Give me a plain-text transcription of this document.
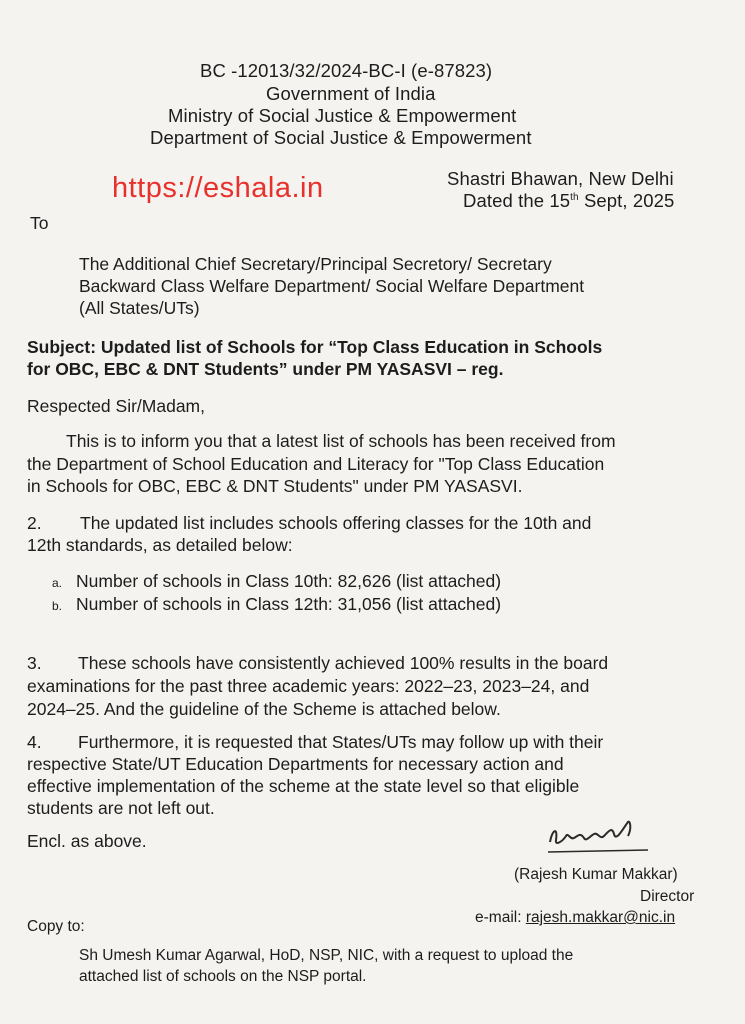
BC -12013/32/2024-BC-I (e-87823)
Government of India
Ministry of Social Justice & Empowerment
Department of Social Justice & Empowerment
https://eshala.in	Shastri Bhawan, New Delhi
Dated the 15th Sept, 2025
To
The Additional Chief Secretary/Principal Secretory/ Secretary
Backward Class Welfare Department/ Social Welfare Department
(All States/UTs)
Subject: Updated list of Schools for “Top Class Education in Schools
for OBC, EBC & DNT Students” under PM YASASVI – reg.
Respected Sir/Madam,
This is to inform you that a latest list of schools has been received from
the Department of School Education and Literacy for "Top Class Education
in Schools for OBC, EBC & DNT Students" under PM YASASVI.
2. The updated list includes schools offering classes for the 10th and
12th standards, as detailed below:
a. Number of schools in Class 10th: 82,626 (list attached)
b. Number of schools in Class 12th: 31,056 (list attached)
3. These schools have consistently achieved 100% results in the board
examinations for the past three academic years: 2022–23, 2023–24, and
2024–25. And the guideline of the Scheme is attached below.
4. Furthermore, it is requested that States/UTs may follow up with their
respective State/UT Education Departments for necessary action and
effective implementation of the scheme at the state level so that eligible
students are not left out.
Encl. as above.
(Rajesh Kumar Makkar)
Director
e-mail: rajesh.makkar@nic.in
Copy to:
Sh Umesh Kumar Agarwal, HoD, NSP, NIC, with a request to upload the
attached list of schools on the NSP portal.
